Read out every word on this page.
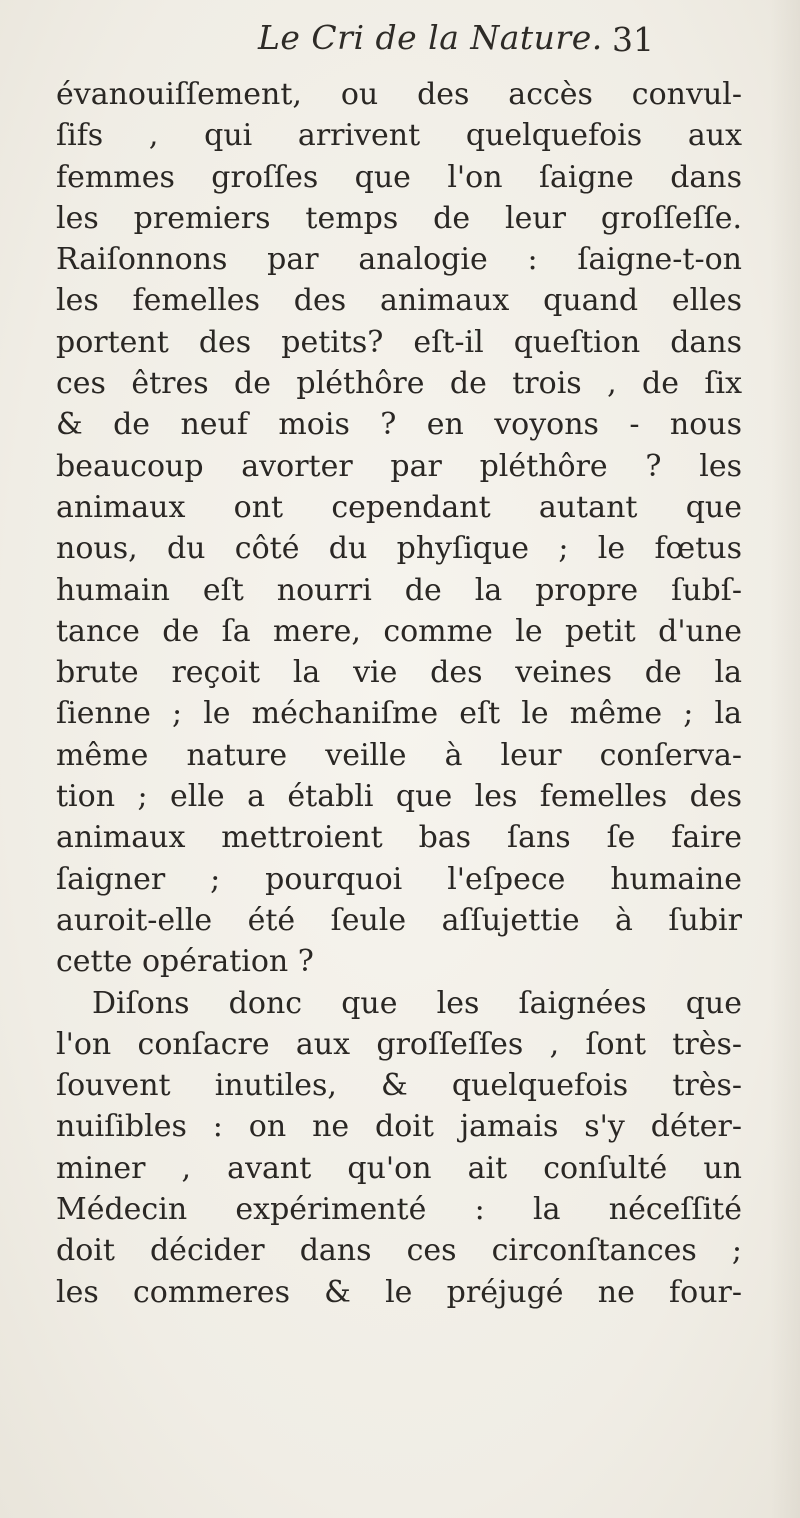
Le Cri de la Nature. 31
évanouiſſement, ou des accès convul-
ſifs , qui arrivent quelquefois aux
femmes groſſes que l'on ſaigne dans
les premiers temps de leur groſſeſſe.
Raiſonnons par analogie : ſaigne-t-on
les femelles des animaux quand elles
portent des petits? eſt-il queſtion dans
ces êtres de pléthôre de trois , de ſix
& de neuf mois ? en voyons - nous
beaucoup avorter par pléthôre ? les
animaux ont cependant autant que
nous, du côté du phyſique ; le fœtus
humain eſt nourri de la propre ſubſ-
tance de ſa mere, comme le petit d'une
brute reçoit la vie des veines de la
ſienne ; le méchaniſme eſt le même ; la
même nature veille à leur conſerva-
tion ; elle a établi que les femelles des
animaux mettroient bas ſans ſe faire
ſaigner ; pourquoi l'eſpece humaine
auroit-elle été ſeule aſſujettie à ſubir
cette opération ?
Diſons donc que les ſaignées que
l'on conſacre aux groſſeſſes , ſont très-
ſouvent inutiles, & quelquefois très-
nuiſibles : on ne doit jamais s'y déter-
miner , avant qu'on ait conſulté un
Médecin expérimenté : la néceſſité
doit décider dans ces circonſtances ;
les commeres & le préjugé ne four-
